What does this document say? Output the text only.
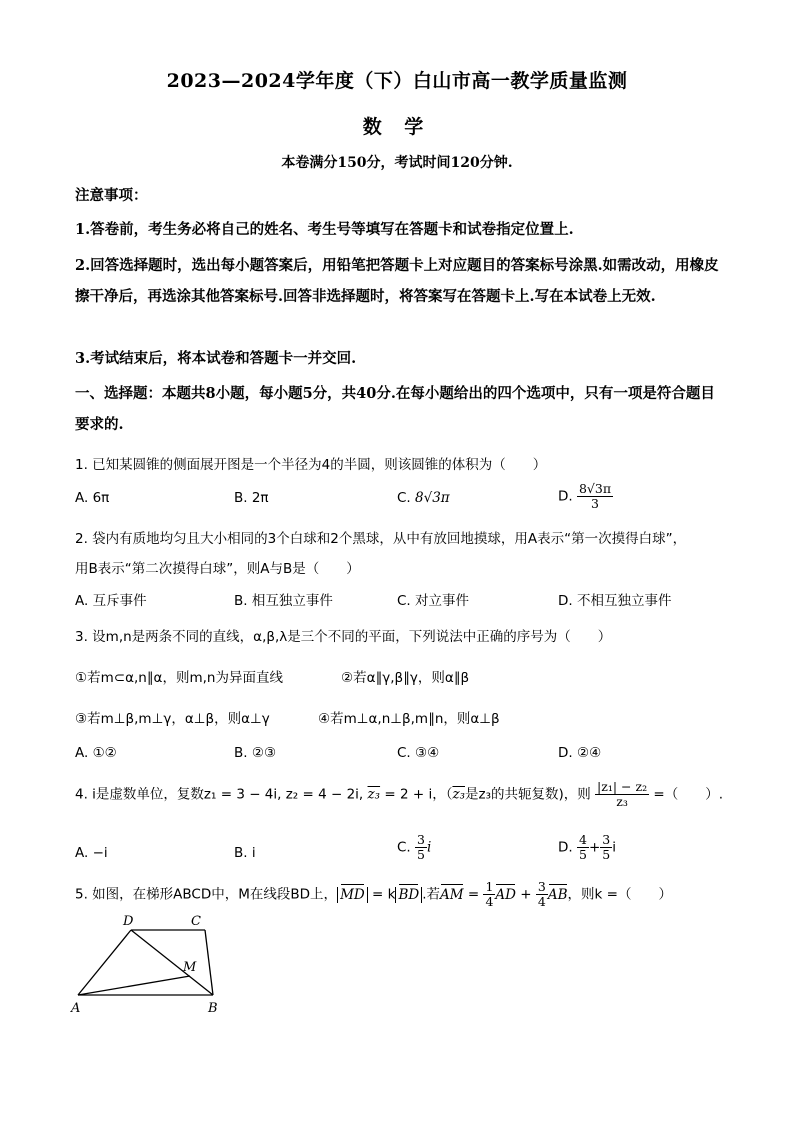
2023—2024学年度（下）白山市高一教学质量监测
数 学
本卷满分150分，考试时间120分钟.
注意事项：
1.答卷前，考生务必将自己的姓名、考生号等填写在答题卡和试卷指定位置上.
2.回答选择题时，选出每小题答案后，用铅笔把答题卡上对应题目的答案标号涂黑.如需改动，用橡皮擦干净后，再选涂其他答案标号.回答非选择题时，将答案写在答题卡上.写在本试卷上无效.
3.考试结束后，将本试卷和答题卡一并交回.
一、选择题：本题共8小题，每小题5分，共40分.在每小题给出的四个选项中，只有一项是符合题目要求的.
1. 已知某圆锥的侧面展开图是一个半径为4的半圆，则该圆锥的体积为（　　）
A. 6π	B. 2π	C. 8√3π	D. $\frac{8√3\pi}{3}$
2. 袋内有质地均匀且大小相同的3个白球和2个黑球，从中有放回地摸球，用A表示“第一次摸得白球”，
用B表示“第二次摸得白球”，则A与B是（　　）
A. 互斥事件	B. 相互独立事件	C. 对立事件	D. 不相互独立事件
3. 设m,n是两条不同的直线，α,β,λ是三个不同的平面，下列说法中正确的序号为（　　）
①若m⊂α,n∥α，则m,n为异面直线	②若α∥γ,β∥γ，则α∥β
③若m⊥β,m⊥γ，α⊥β，则α⊥γ	④若m⊥α,n⊥β,m∥n，则α⊥β
A. ①②	B. ②③	C. ③④	D. ②④
4. i是虚数单位，复数z₁ = 3 − 4i, z₂ = 4 − 2i, z₃ = 2 + i，（z₃是z₃的共轭复数)，则 $\frac{\text{|z₁| − z₂}}{\text{z₃}}$ =（　　）.
A. −i	B. i	C. $\frac{3}{5}$ i	D. $\frac{4}{5} + \frac{3}{5}$ i
5. 如图，在梯形ABCD中，M在线段BD上， MD = k BD .若AM = $\frac{1}{4}$ AD + $\frac{3}{4}$ AB，则k =（　　）
A	B
C
D
M
